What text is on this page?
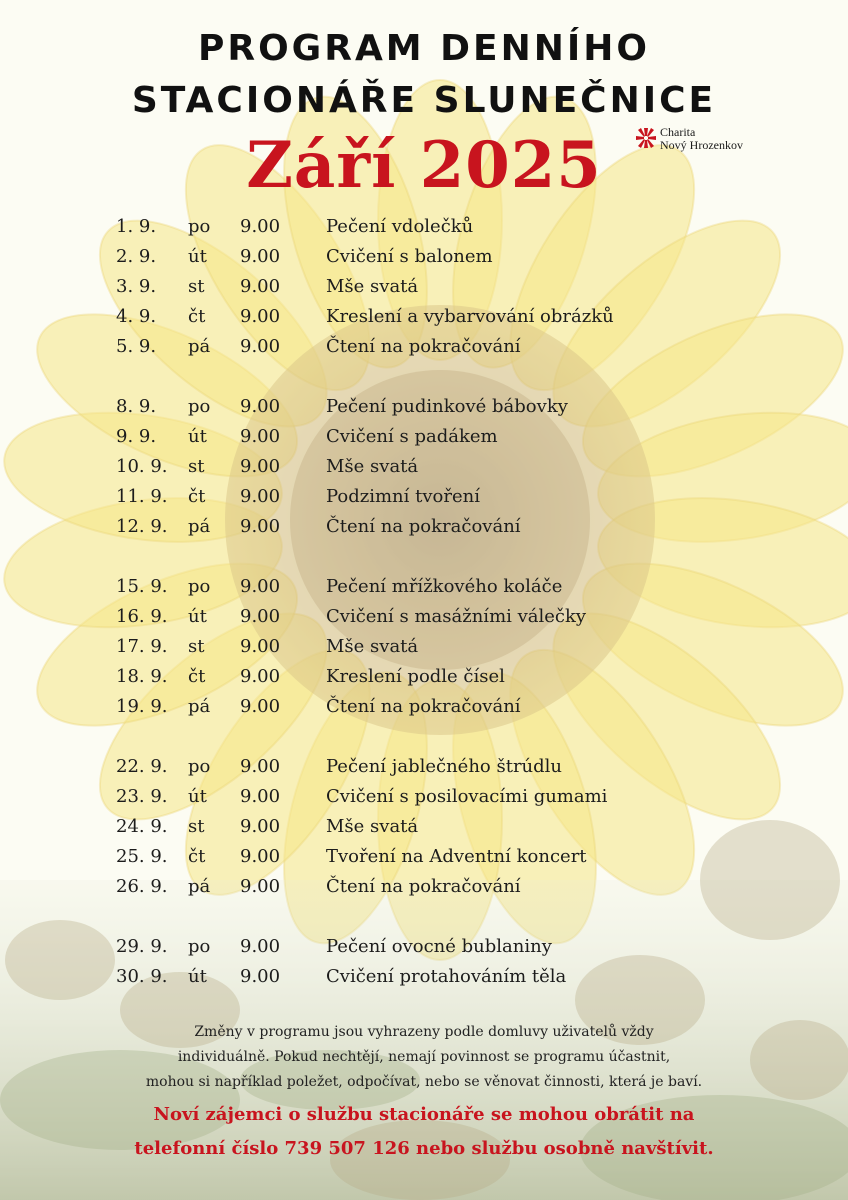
PROGRAM DENNÍHO
STACIONÁŘE SLUNEČNICE
Září 2025	Charita
Nový Hrozenkov
1. 9. po 9.00	Pečení vdolečků
2. 9. út 9.00	Cvičení s balonem
3. 9. st 9.00	Mše svatá
4. 9. čt 9.00	Kreslení a vybarvování obrázků
5. 9. pá 9.00	Čtení na pokračování
8. 9. po 9.00	Pečení pudinkové bábovky
9. 9. út 9.00	Cvičení s padákem
10. 9. st 9.00	Mše svatá
11. 9. čt 9.00	Podzimní tvoření
12. 9. pá 9.00	Čtení na pokračování
15. 9. po 9.00	Pečení mřížkového koláče
16. 9. út 9.00	Cvičení s masážními válečky
17. 9. st 9.00	Mše svatá
18. 9. čt 9.00	Kreslení podle čísel
19. 9. pá 9.00	Čtení na pokračování
22. 9. po 9.00	Pečení jablečného štrúdlu
23. 9. út 9.00	Cvičení s posilovacími gumami
24. 9. st 9.00	Mše svatá
25. 9. čt 9.00	Tvoření na Adventní koncert
26. 9. pá 9.00	Čtení na pokračování
29. 9. po 9.00	Pečení ovocné bublaniny
30. 9. út 9.00	Cvičení protahováním těla
Změny v programu jsou vyhrazeny podle domluvy uživatelů vždy
individuálně. Pokud nechtějí, nemají povinnost se programu účastnit,
mohou si například poležet, odpočívat, nebo se věnovat činnosti, která je baví.
Noví zájemci o službu stacionáře se mohou obrátit na
telefonní číslo 739 507 126 nebo službu osobně navštívit.
